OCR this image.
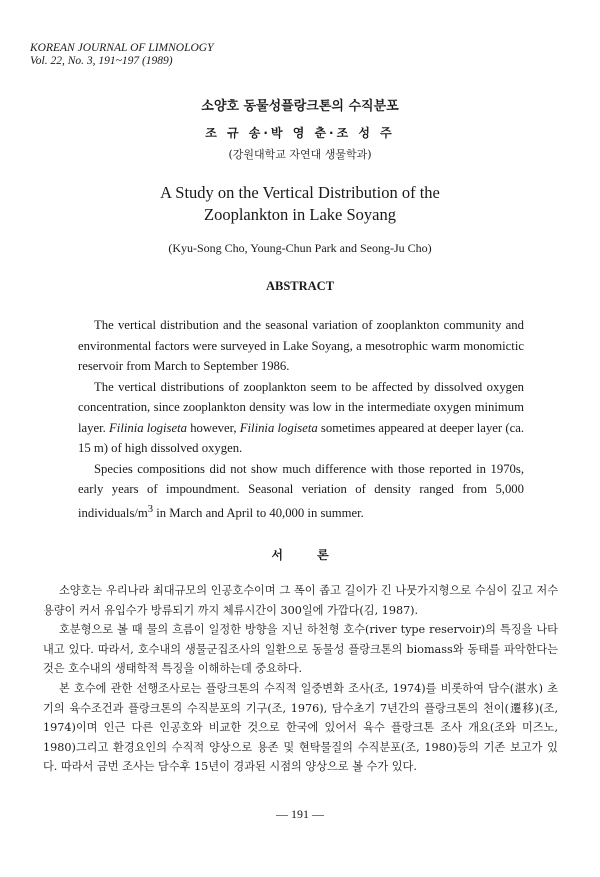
KOREAN JOURNAL OF LIMNOLOGY
Vol. 22, No. 3, 191~197 (1989)
소양호 동물성플랑크톤의 수직분포
조 규 송·박 영 춘·조 성 주
(강원대학교 자연대 생물학과)
A Study on the Vertical Distribution of the
Zooplankton in Lake Soyang
(Kyu-Song Cho, Young-Chun Park and Seong-Ju Cho)
ABSTRACT

The vertical distribution and the seasonal variation of zooplankton community and environmental factors were surveyed in Lake Soyang, a mesotrophic warm monomictic reservoir from March to September 1986.

The vertical distributions of zooplankton seem to be affected by dissolved oxygen concentration, since zooplankton density was low in the intermediate oxygen minimum layer. Filinia logiseta however, Filinia logiseta sometimes appeared at deeper layer (ca. 15 m) of high dissolved oxygen.

Species compositions did not show much difference with those reported in 1970s, early years of impoundment. Seasonal veriation of density ranged from 5,000 individuals/$m^3$ in March and April to 40,000 in summer.

서 론

소양호는 우리나라 최대규모의 인공호수이며 그 폭이 좁고 길이가 긴 나뭇가지형으로 수심이 깊고 저수용량이 커서 유입수가 방류되기 까지 체류시간이 300일에 가깝다(김, 1987).

호분형으로 볼 때 물의 흐름이 일정한 방향을 지닌 하천형 호수(river type reservoir)의 특징을 나타내고 있다. 따라서, 호수내의 생물군집조사의 일환으로 동물성 플랑크톤의 biomass와 동태를 파악한다는 것은 호수내의 생태학적 특징을 이해하는데 중요하다.

본 호수에 관한 선행조사로는 플랑크톤의 수직적 일중변화 조사(조, 1974)를 비롯하여 담수(湛水) 초기의 육수조건과 플랑크톤의 수직분포의 기구(조, 1976), 담수초기 7년간의 플랑크톤의 천이(遷移)(조, 1974)이며 인근 다른 인공호와 비교한 것으로 한국에 있어서 육수 플랑크톤 조사 개요(조와 미즈노, 1980)그리고 환경요인의 수직적 양상으로 용존 및 현탁물질의 수직분포(조, 1980)등의 기존 보고가 있다. 따라서 금번 조사는 담수후 15년이 경과된 시점의 양상으로 볼 수가 있다.

— 191 —
